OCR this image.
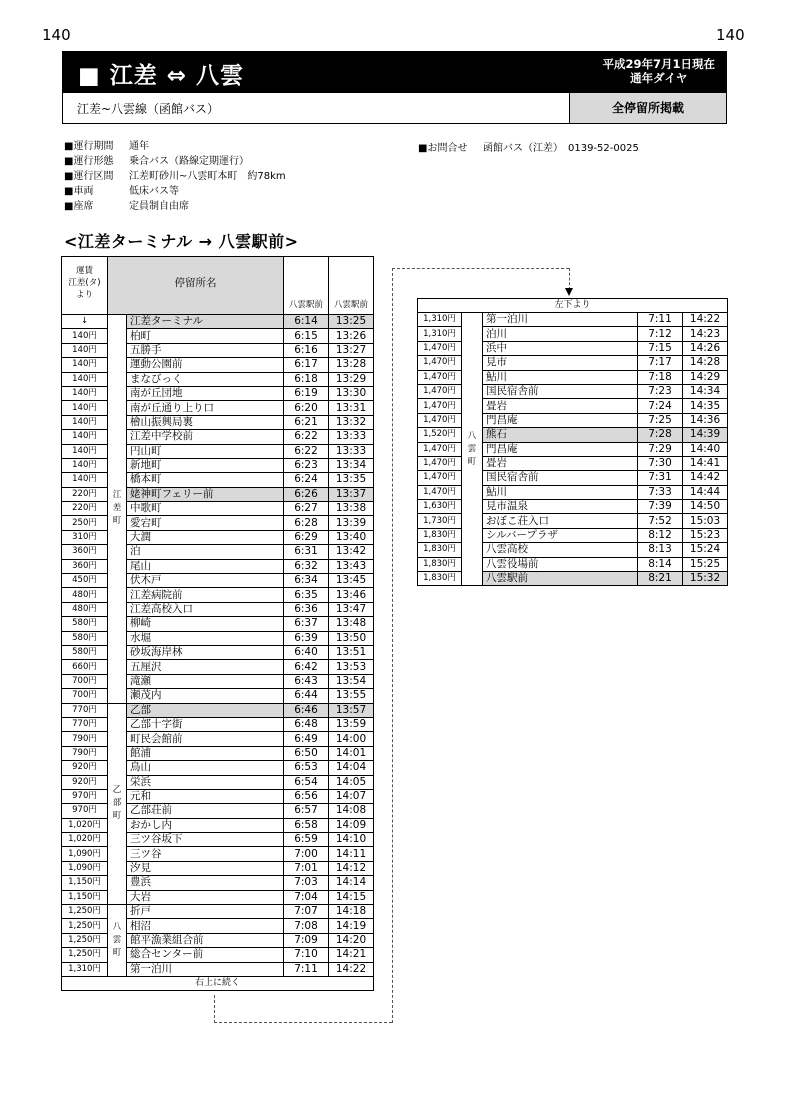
140	140
■ 江差 ⇔ 八雲	平成29年7月1日現在
通年ダイヤ
江差~八雲線（函館バス）	全停留所掲載
■運行期間	通年
■運行形態	乗合バス（路線定期運行）
■運行区間	江差町砂川~八雲町本町　約78km
■車両	低床バス等
■座席	定員制自由席
■お問合せ 函館バス（江差）　0139-52-0025
<江差ターミナル → 八雲駅前>
運賃
江差(タ)
より	停留所名		八雲駅前	八雲駅前
↓	江差町	江差ターミナル	6:14	13:25
140円		柏町	6:15	13:26
140円		五勝手	6:16	13:27
140円		運動公園前	6:17	13:28
140円		まなびっく	6:18	13:29
140円		南が丘団地	6:19	13:30
140円		南が丘通り上り口	6:20	13:31
140円		檜山振興局裏	6:21	13:32
140円		江差中学校前	6:22	13:33
140円		円山町	6:22	13:33
140円		新地町	6:23	13:34
140円		橋本町	6:24	13:35
220円		姥神町フェリー前	6:26	13:37
220円		中歌町	6:27	13:38
250円		愛宕町	6:28	13:39
310円		大潤	6:29	13:40
360円		泊	6:31	13:42
360円		尾山	6:32	13:43
450円		伏木戸	6:34	13:45
480円		江差病院前	6:35	13:46
480円		江差高校入口	6:36	13:47
580円		柳崎	6:37	13:48
580円		水堀	6:39	13:50
580円		砂坂海岸林	6:40	13:51
660円		五厘沢	6:42	13:53
700円		滝瀬	6:43	13:54
700円		瀬茂内	6:44	13:55
770円	乙部町	乙部	6:46	13:57
770円		乙部十字街	6:48	13:59
790円		町民会館前	6:49	14:00
790円		館浦	6:50	14:01
920円		鳥山	6:53	14:04
920円		栄浜	6:54	14:05
970円		元和	6:56	14:07
970円		乙部荘前	6:57	14:08
1,020円		おかし内	6:58	14:09
1,020円		三ツ谷坂下	6:59	14:10
1,090円		三ツ谷	7:00	14:11
1,090円		汐見	7:01	14:12
1,150円		豊浜	7:03	14:14
1,150円		大岩	7:04	14:15
1,250円	八雲町	折戸	7:07	14:18
1,250円		相沼	7:08	14:19
1,250円		館平漁業組合前	7:09	14:20
1,250円		総合センター前	7:10	14:21
1,310円		第一泊川	7:11	14:22
右上に続く				
左下より				
1,310円	八雲町	第一泊川	7:11	14:22
1,310円		泊川	7:12	14:23
1,470円		浜中	7:15	14:26
1,470円		見市	7:17	14:28
1,470円		鮎川	7:18	14:29
1,470円		国民宿舎前	7:23	14:34
1,470円		畳岩	7:24	14:35
1,470円		門昌庵	7:25	14:36
1,520円		熊石	7:28	14:39
1,470円		門昌庵	7:29	14:40
1,470円		畳岩	7:30	14:41
1,470円		国民宿舎前	7:31	14:42
1,470円		鮎川	7:33	14:44
1,630円		見市温泉	7:39	14:50
1,730円		おぼこ荘入口	7:52	15:03
1,830円		シルバープラザ	8:12	15:23
1,830円		八雲高校	8:13	15:24
1,830円		八雲役場前	8:14	15:25
1,830円		八雲駅前	8:21	15:32
